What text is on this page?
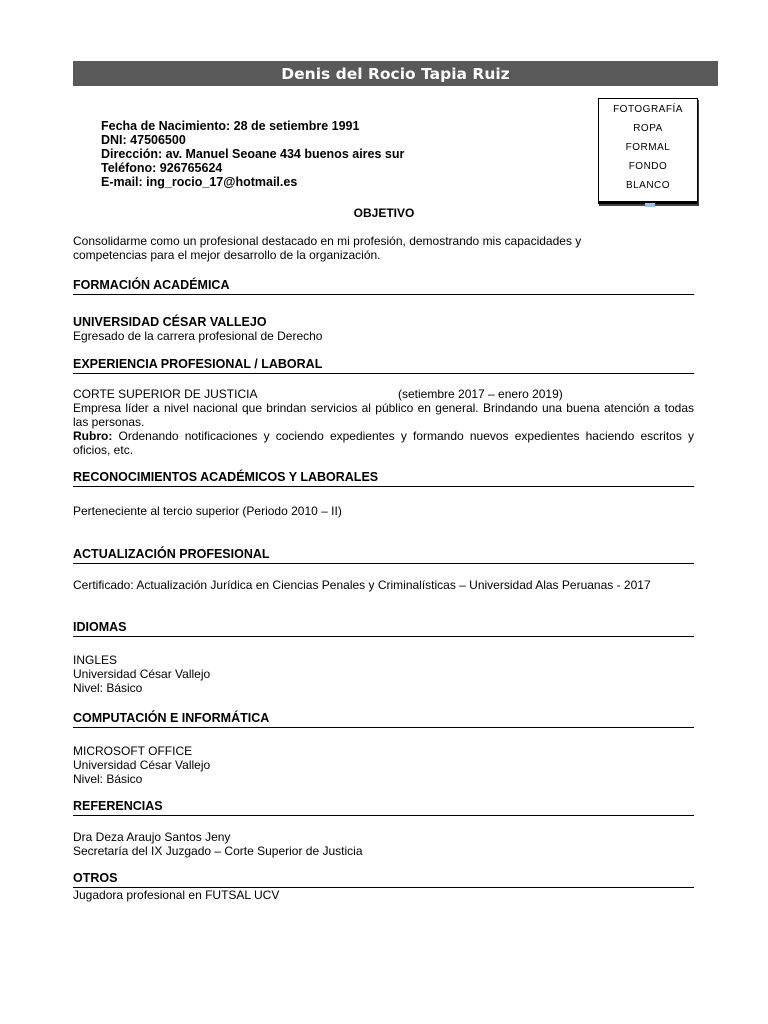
Denis del Rocio Tapia Ruiz
FOTOGRAFÍA
ROPA
FORMAL
FONDO
BLANCO
Fecha de Nacimiento: 28 de setiembre 1991
DNI: 47506500
Dirección: av. Manuel Seoane 434 buenos aires sur
Teléfono: 926765624
E-mail: ing_rocio_17@hotmail.es
OBJETIVO
Consolidarme como un profesional destacado en mi profesión, demostrando mis capacidades y competencias para el mejor desarrollo de la organización.
FORMACIÓN ACADÉMICA
UNIVERSIDAD CÉSAR VALLEJO
Egresado de la carrera profesional de Derecho
EXPERIENCIA PROFESIONAL / LABORAL
CORTE SUPERIOR DE JUSTICIA	(setiembre 2017 – enero 2019)
Empresa líder a nivel nacional que brindan servicios al público en general. Brindando una buena atención a todas las personas.
Rubro: Ordenando notificaciones y cociendo expedientes y formando nuevos expedientes haciendo escritos y oficios, etc.
RECONOCIMIENTOS ACADÉMICOS Y LABORALES
Perteneciente al tercio superior (Periodo 2010 – II)
ACTUALIZACIÓN PROFESIONAL
Certificado: Actualización Jurídica en Ciencias Penales y Criminalísticas – Universidad Alas Peruanas - 2017
IDIOMAS
INGLES
Universidad César Vallejo
Nivel: Básico
COMPUTACIÓN E INFORMÁTICA
MICROSOFT OFFICE
Universidad César Vallejo
Nivel: Básico
REFERENCIAS
Dra Deza Araujo Santos Jeny
Secretaría del IX Juzgado – Corte Superior de Justicia
OTROS
Jugadora profesional en FUTSAL UCV
